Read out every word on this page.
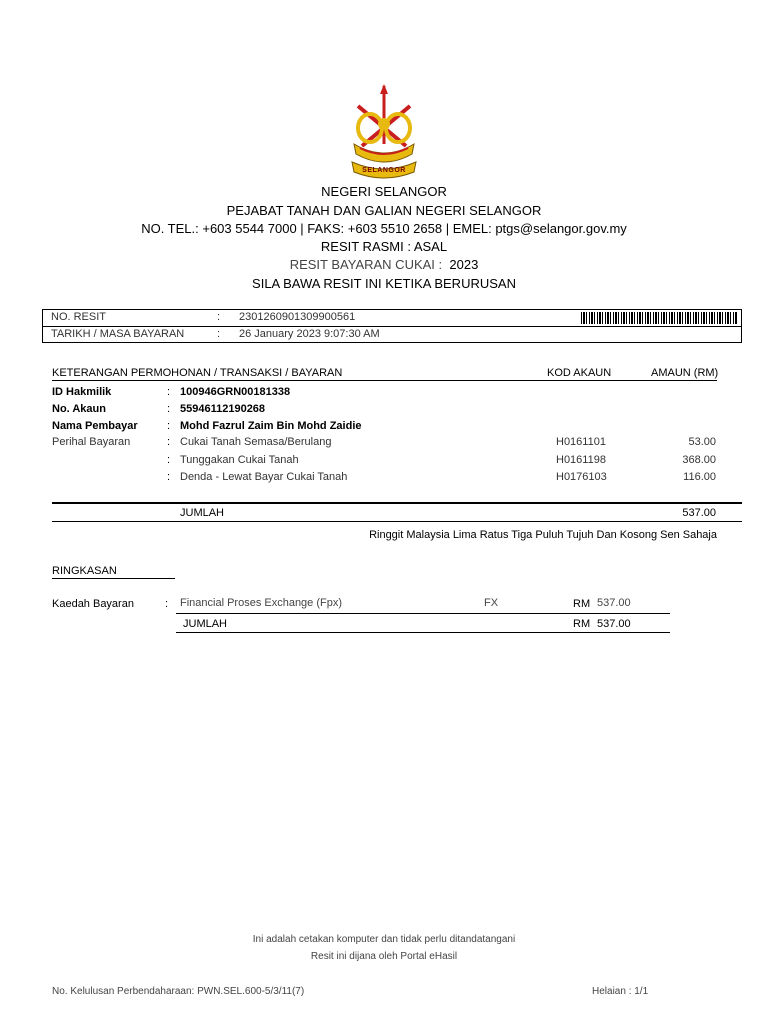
SELANGOR
NEGERI SELANGOR
PEJABAT TANAH DAN GALIAN NEGERI SELANGOR
NO. TEL.: +603 5544 7000 | FAKS: +603 5510 2658 | EMEL: ptgs@selangor.gov.my
RESIT RASMI : ASAL
RESIT BAYARAN CUKAI : 2023
SILA BAWA RESIT INI KETIKA BERURUSAN
NO. RESIT	: 2301260901309900561
TARIKH / MASA BAYARAN	: 26 January 2023 9:07:30 AM
KETERANGAN PERMOHONAN / TRANSAKSI / BAYARAN	KOD AKAUN	AMAUN (RM)
ID Hakmilik	: 100946GRN00181338
No. Akaun	: 55946112190268
Nama Pembayar	: Mohd Fazrul Zaim Bin Mohd Zaidie
Perihal Bayaran	: Cukai Tanah Semasa/Berulang	H0161101	53.00
: Tunggakan Cukai Tanah	H0161198	368.00
: Denda - Lewat Bayar Cukai Tanah	H0176103	116.00
JUMLAH	537.00
Ringgit Malaysia Lima Ratus Tiga Puluh Tujuh Dan Kosong Sen Sahaja
RINGKASAN
Kaedah Bayaran	: Financial Proses Exchange (Fpx)	FX	RM 537.00
JUMLAH	RM 537.00
Ini adalah cetakan komputer dan tidak perlu ditandatangani
Resit ini dijana oleh Portal eHasil
No. Kelulusan Perbendaharaan: PWN.SEL.600-5/3/11(7)	Helaian : 1/1
